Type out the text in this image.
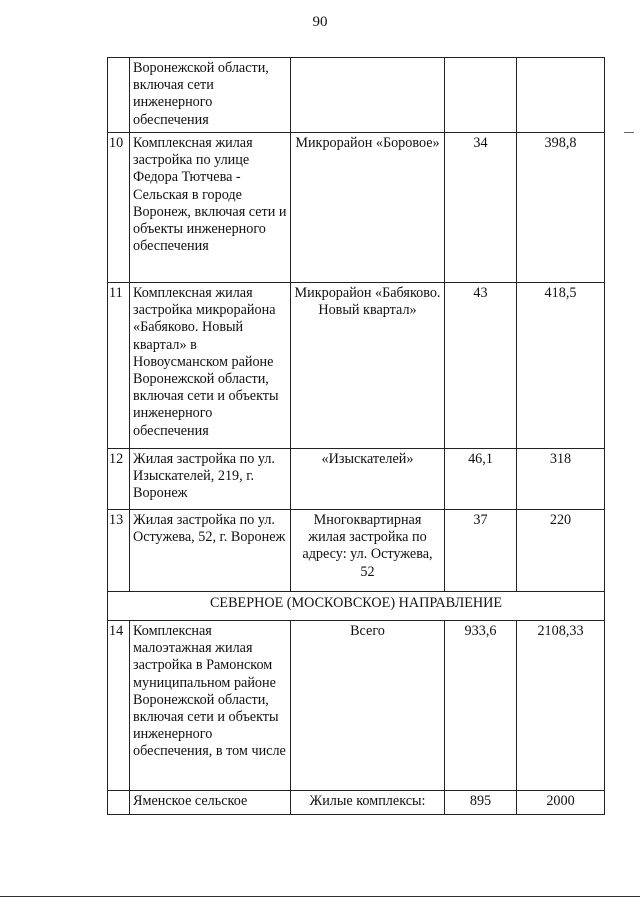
90
	Воронежской области, включая сети инженерного обеспечения			
10	Комплексная жилая застройка по улице Федора Тютчева - Сельская в городе Воронеж, включая сети и объекты инженерного обеспечения	Микрорайон «Боровое»	34	398,8
11	Комплексная жилая застройка микрорайона «Бабяково. Новый квартал» в Новоусманском районе Воронежской области, включая сети и объекты инженерного обеспечения	Микрорайон «Бабяково. Новый квартал»	43	418,5
12	Жилая застройка по ул. Изыскателей, 219, г. Воронеж	«Изыскателей»	46,1	318
13	Жилая застройка по ул. Остужева, 52, г. Воронеж	Многоквартирная жилая застройка по адресу: ул. Остужева, 52	37	220
СЕВЕРНОЕ (МОСКОВСКОЕ) НАПРАВЛЕНИЕ				
14	Комплексная малоэтажная жилая застройка в Рамонском муниципальном районе Воронежской области, включая сети и объекты инженерного обеспечения, в том числе	Всего	933,6	2108,33
	Яменское сельское	Жилые комплексы:	895	2000
